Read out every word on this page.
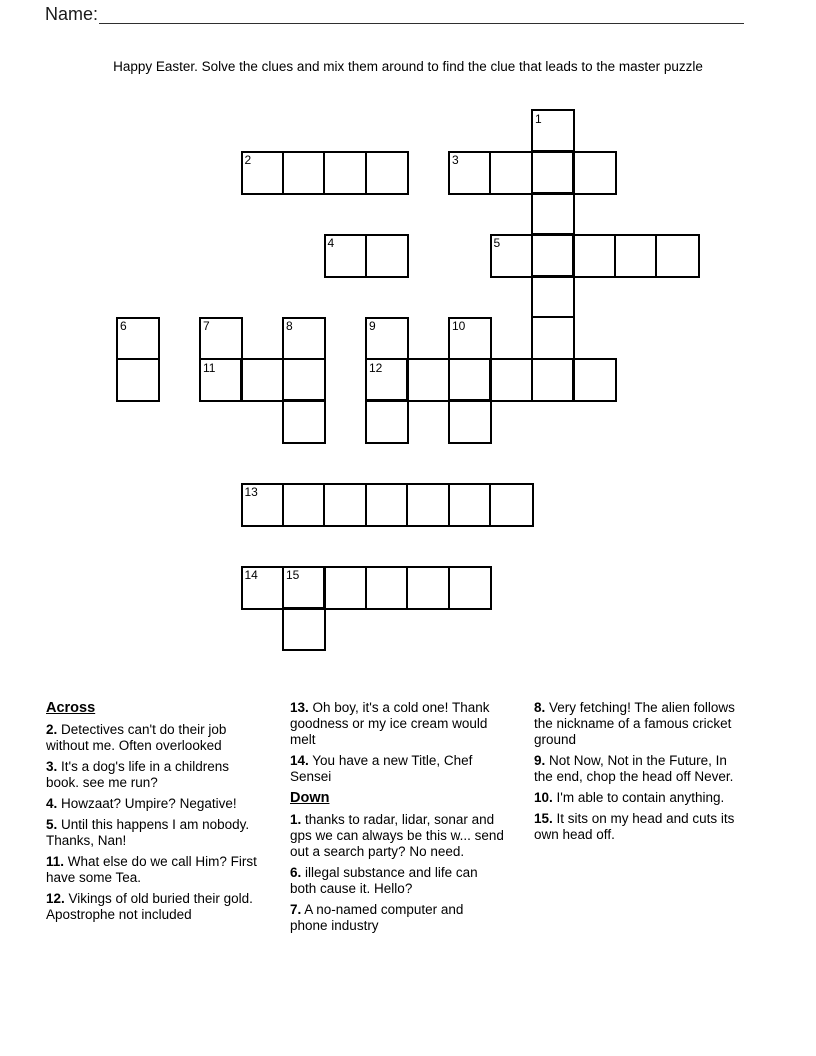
Name:
Happy Easter. Solve the clues and mix them around to find the clue that leads to the master puzzle
1
2	3
4	5
6	7	8	9	10
11	12
13
14 15

Across

2. Detectives can't do their job without me. Often overlooked

3. It's a dog's life in a childrens book. see me run?

4. Howzaat? Umpire? Negative!

5. Until this happens I am nobody. Thanks, Nan!

11. What else do we call Him? First have some Tea.

12. Vikings of old buried their gold. Apostrophe not included

13. Oh boy, it's a cold one! Thank goodness or my ice cream would melt

14. You have a new Title, Chef Sensei

Down

1. thanks to radar, lidar, sonar and gps we can always be this w... send out a search party? No need.

6. illegal substance and life can both cause it. Hello?

7. A no-named computer and phone industry

8. Very fetching! The alien follows the nickname of a famous cricket ground

9. Not Now, Not in the Future, In the end, chop the head off Never.

10. I'm able to contain anything.

15. It sits on my head and cuts its own head off.
